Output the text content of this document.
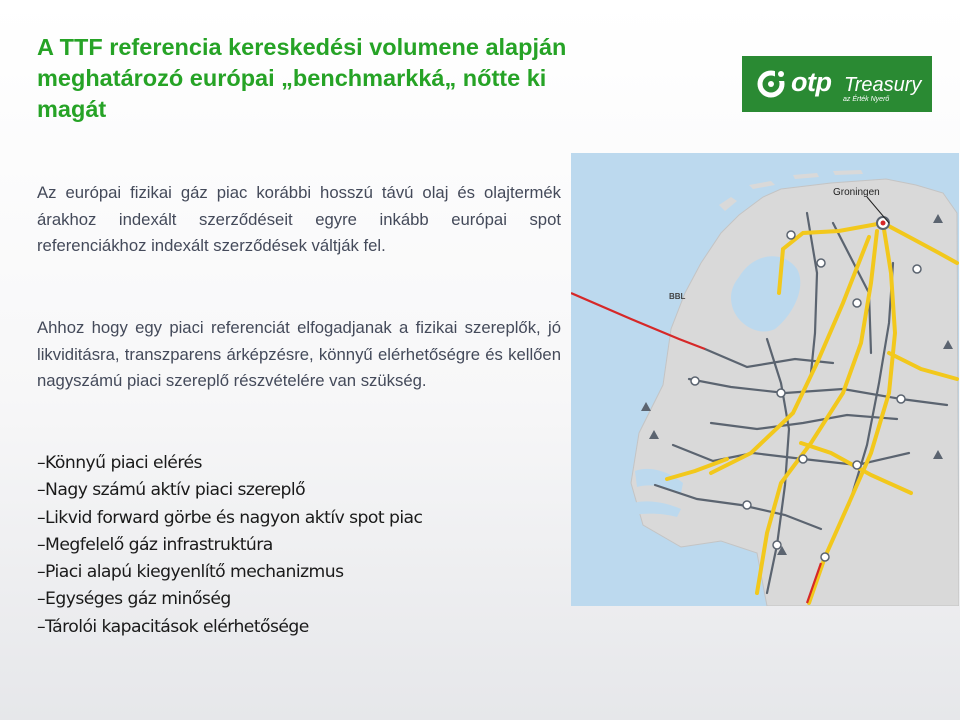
A TTF referencia kereskedési volumene alapján meghatározó európai „benchmarkká„ nőtte ki magát
otp Treasury
az Érték Nyerő
Az európai fizikai gáz piac korábbi hosszú távú olaj és olajtermék árakhoz indexált szerződéseit egyre inkább európai spot referenciákhoz indexált szerződések váltják fel.
Ahhoz hogy egy piaci referenciát elfogadjanak a fizikai szereplők, jó likviditásra, transzparens árképzésre, könnyű elérhetőségre és kellően nagyszámú piaci szereplő részvételére van szükség.
–Könnyű piaci elérés
–Nagy számú aktív piaci szereplő
–Likvid forward görbe és nagyon aktív spot piac
–Megfelelő gáz infrastruktúra
–Piaci alapú kiegyenlítő mechanizmus
–Egységes gáz minőség
–Tárolói kapacitások elérhetősége
Groningen
BBL
